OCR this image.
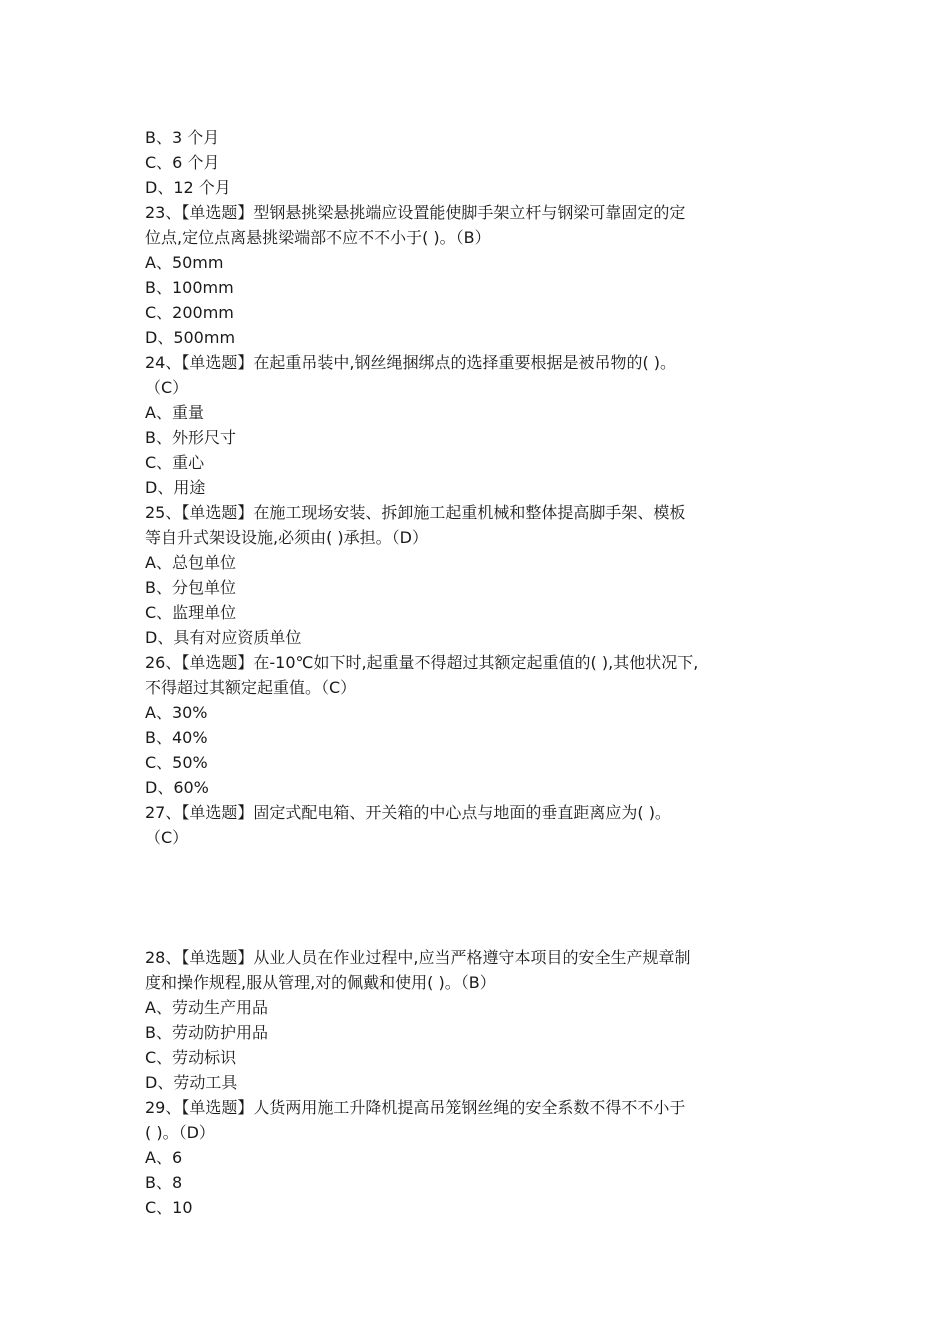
B、3 个月
C、6 个月
D、12 个月
23、【单选题】型钢悬挑梁悬挑端应设置能使脚手架立杆与钢梁可靠固定的定
位点,定位点离悬挑梁端部不应不不小于( )。（B）
A、50mm
B、100mm
C、200mm
D、500mm
24、【单选题】在起重吊装中,钢丝绳捆绑点的选择重要根据是被吊物的( )。
（C）
A、重量
B、外形尺寸
C、重心
D、用途
25、【单选题】在施工现场安装、拆卸施工起重机械和整体提高脚手架、模板
等自升式架设设施,必须由( )承担。（D）
A、总包单位
B、分包单位
C、监理单位
D、具有对应资质单位
26、【单选题】在-10℃如下时,起重量不得超过其额定起重值的( ),其他状况下,
不得超过其额定起重值。（C）
A、30%
B、40%
C、50%
D、60%
27、【单选题】固定式配电箱、开关箱的中心点与地面的垂直距离应为( )。
（C）
28、【单选题】从业人员在作业过程中,应当严格遵守本项目的安全生产规章制
度和操作规程,服从管理,对的佩戴和使用( )。（B）
A、劳动生产用品
B、劳动防护用品
C、劳动标识
D、劳动工具
29、【单选题】人货两用施工升降机提高吊笼钢丝绳的安全系数不得不不小于
( )。（D）
A、6
B、8
C、10
